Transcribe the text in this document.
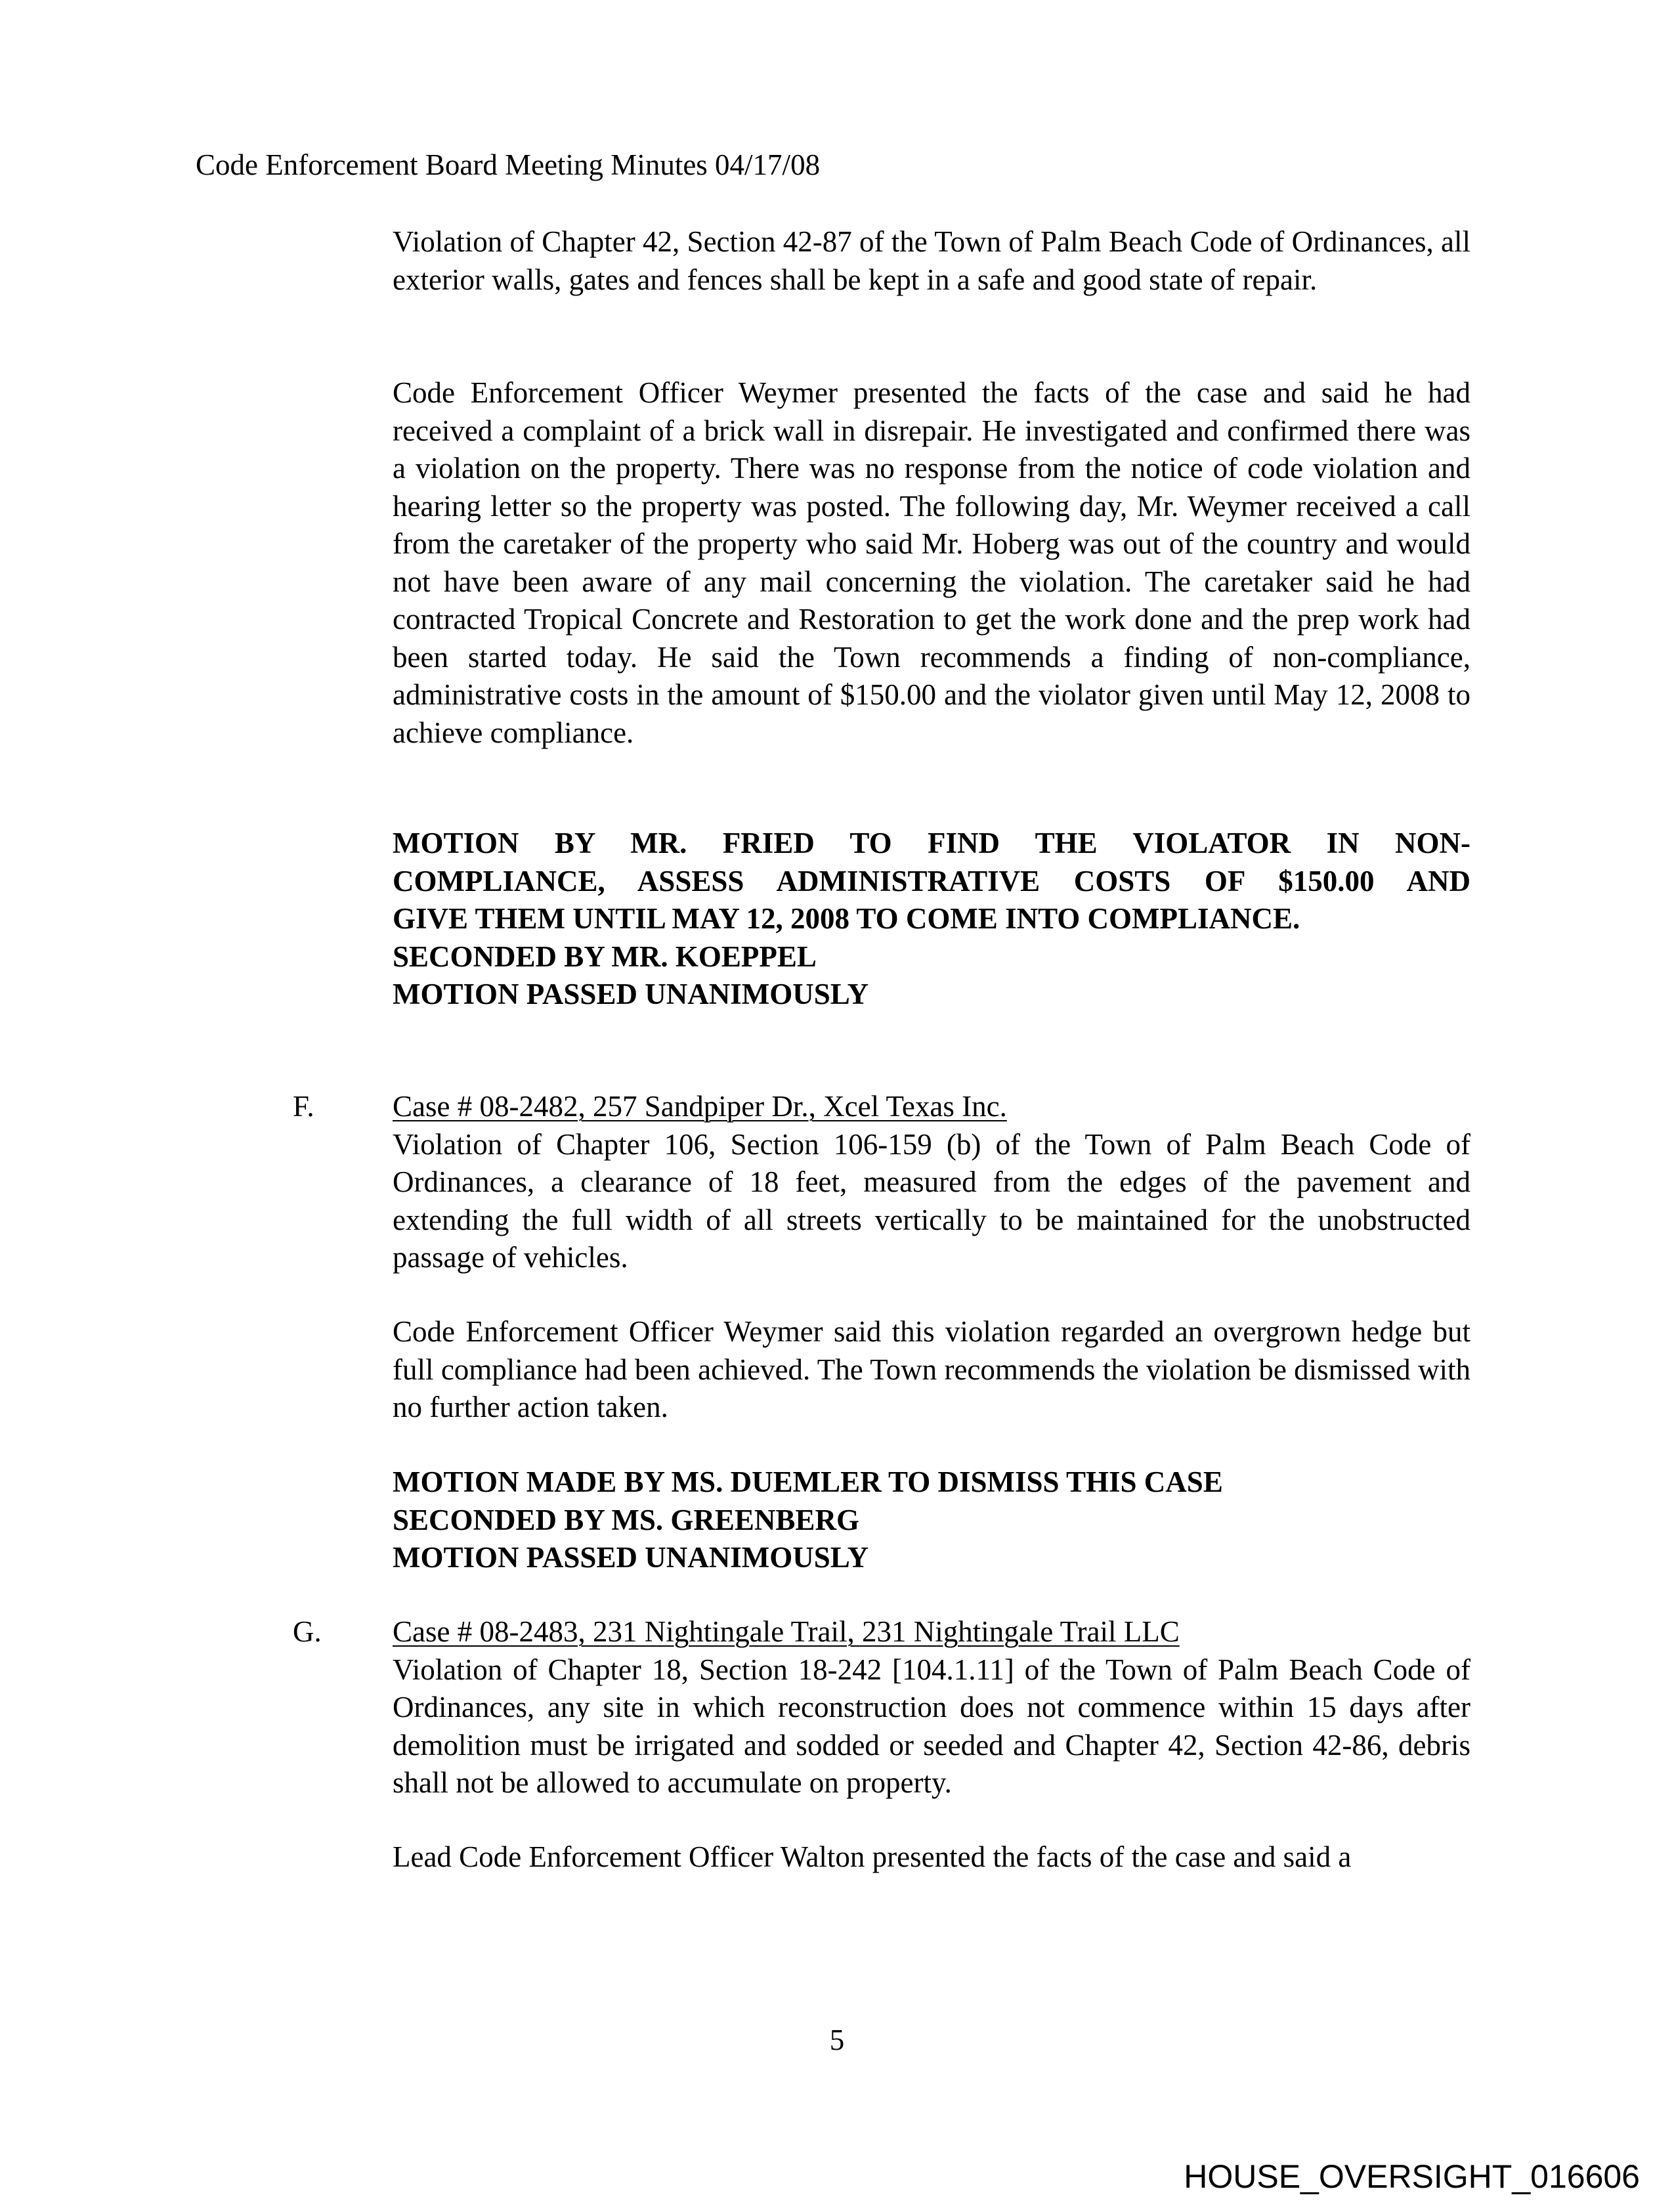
Code Enforcement Board Meeting Minutes 04/17/08
Violation of Chapter 42, Section 42-87 of the Town of Palm Beach Code of Ordinances, all exterior walls, gates and fences shall be kept in a safe and good state of repair.
Code Enforcement Officer Weymer presented the facts of the case and said he had received a complaint of a brick wall in disrepair. He investigated and confirmed there was a violation on the property. There was no response from the notice of code violation and hearing letter so the property was posted. The following day, Mr. Weymer received a call from the caretaker of the property who said Mr. Hoberg was out of the country and would not have been aware of any mail concerning the violation. The caretaker said he had contracted Tropical Concrete and Restoration to get the work done and the prep work had been started today. He said the Town recommends a finding of non-compliance, administrative costs in the amount of $150.00 and the violator given until May 12, 2008 to achieve compliance.
MOTION BY MR. FRIED TO FIND THE VIOLATOR IN NON-
COMPLIANCE, ASSESS ADMINISTRATIVE COSTS OF $150.00 AND
GIVE THEM UNTIL MAY 12, 2008 TO COME INTO COMPLIANCE.
SECONDED BY MR. KOEPPEL
MOTION PASSED UNANIMOUSLY
F.	Case # 08-2482, 257 Sandpiper Dr., Xcel Texas Inc.
Violation of Chapter 106, Section 106-159 (b) of the Town of Palm Beach Code of Ordinances, a clearance of 18 feet, measured from the edges of the pavement and extending the full width of all streets vertically to be maintained for the unobstructed passage of vehicles.
Code Enforcement Officer Weymer said this violation regarded an overgrown hedge but full compliance had been achieved. The Town recommends the violation be dismissed with no further action taken.
MOTION MADE BY MS. DUEMLER TO DISMISS THIS CASE
SECONDED BY MS. GREENBERG
MOTION PASSED UNANIMOUSLY
G. Case # 08-2483, 231 Nightingale Trail, 231 Nightingale Trail LLC
Violation of Chapter 18, Section 18-242 [104.1.11] of the Town of Palm Beach Code of Ordinances, any site in which reconstruction does not commence within 15 days after demolition must be irrigated and sodded or seeded and Chapter 42, Section 42-86, debris shall not be allowed to accumulate on property.
Lead Code Enforcement Officer Walton presented the facts of the case and said a
5
HOUSE_OVERSIGHT_016606
